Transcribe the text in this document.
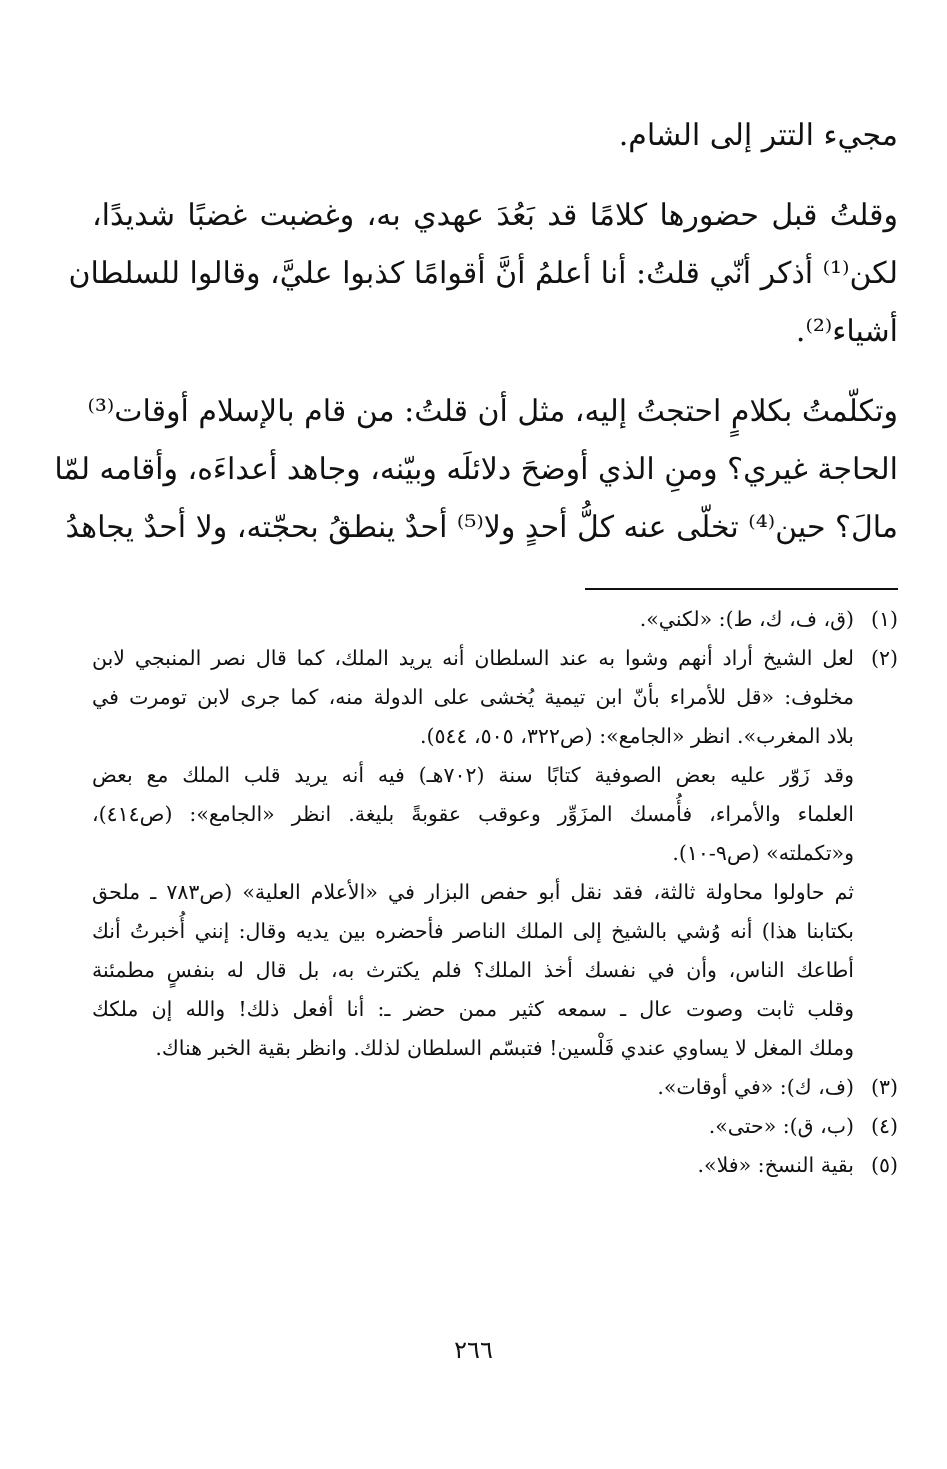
مجيء التتر إلى الشام.
وقلتُ قبل حضورها كلامًا قد بَعُدَ عهدي به، وغضبت غضبًا شديدًا،
لكن⁽¹⁾ أذكر أنّي قلتُ: أنا أعلمُ أنَّ أقوامًا كذبوا عليَّ، وقالوا للسلطان
أشياء⁽²⁾.
وتكلّمتُ بكلامٍ احتجتُ إليه، مثل أن قلتُ: من قام بالإسلام أوقات⁽³⁾
الحاجة غيري؟ ومنِ الذي أوضحَ دلائلَه وبيّنه، وجاهد أعداءَه، وأقامه لمّا
مالَ؟ حين⁽⁴⁾ تخلّى عنه كلُّ أحدٍ ولا⁽⁵⁾ أحدٌ ينطقُ بحجّته، ولا أحدٌ يجاهدُ
(١)(ق، ف، ك، ط): «لكني».
(٢)لعل الشيخ أراد أنهم وشوا به عند السلطان أنه يريد الملك، كما قال نصر المنبجي لابن
مخلوف: «قل للأمراء بأنّ ابن تيمية يُخشى على الدولة منه، كما جرى لابن تومرت في
بلاد المغرب». انظر «الجامع»: (ص٣٢٢، ٥٠٥، ٥٤٤).
وقد زَوّر عليه بعض الصوفية كتابًا سنة (٧٠٢هـ) فيه أنه يريد قلب الملك مع بعض
العلماء والأمراء، فأُمسك المزَوِّر وعوقب عقوبةً بليغة. انظر «الجامع»: (ص٤١٤)،
و«تكملته» (ص٩-١٠).
ثم حاولوا محاولة ثالثة، فقد نقل أبو حفص البزار في «الأعلام العلية» (ص٧٨٣ ـ ملحق
بكتابنا هذا) أنه وُشي بالشيخ إلى الملك الناصر فأحضره بين يديه وقال: إنني أُخبرتُ أنك
أطاعك الناس، وأن في نفسك أخذ الملك؟ فلم يكترث به، بل قال له بنفسٍ مطمئنة
وقلب ثابت وصوت عال ـ سمعه كثير ممن حضر ـ: أنا أفعل ذلك! والله إن ملكك
وملك المغل لا يساوي عندي فَلْسين! فتبسّم السلطان لذلك. وانظر بقية الخبر هناك.
(٣)(ف، ك): «في أوقات».
(٤)(ب، ق): «حتى».
(٥)بقية النسخ: «فلا».
٢٦٦
